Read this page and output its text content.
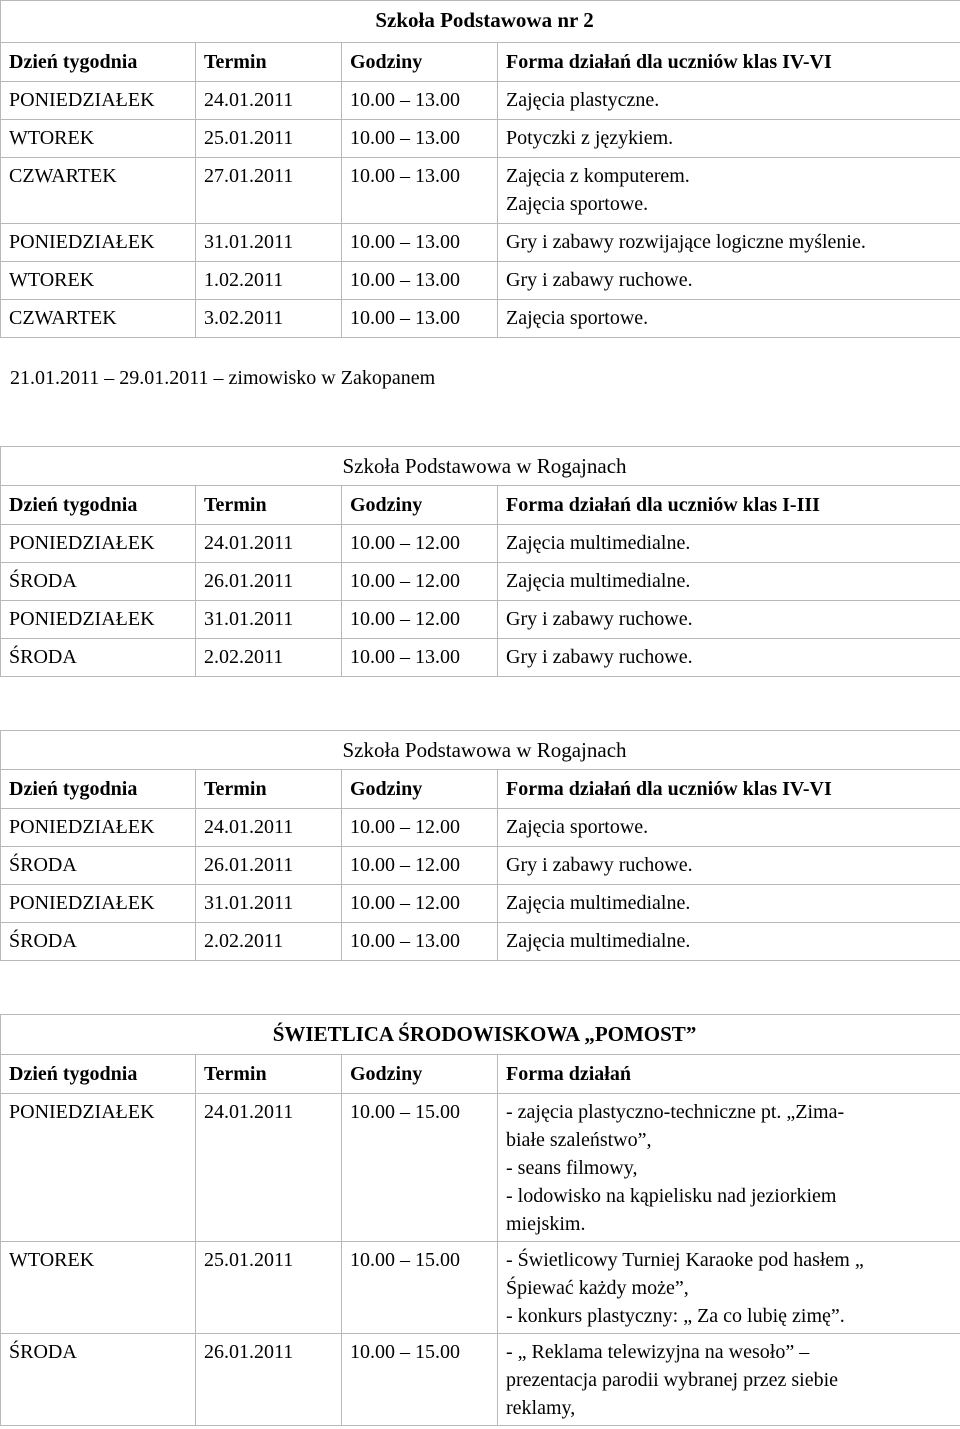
Szkoła Podstawowa nr 2			
Dzień tygodnia	Termin	Godziny	Forma działań dla uczniów klas IV-VI
PONIEDZIAŁEK	24.01.2011	10.00 – 13.00	Zajęcia plastyczne.
WTOREK	25.01.2011	10.00 – 13.00	Potyczki z językiem.
CZWARTEK	27.01.2011	10.00 – 13.00	Zajęcia z komputerem.
Zajęcia sportowe.

PONIEDZIAŁEK	31.01.2011	10.00 – 13.00	Gry i zabawy rozwijające logiczne myślenie.
WTOREK	1.02.2011	10.00 – 13.00	Gry i zabawy ruchowe.
CZWARTEK	3.02.2011	10.00 – 13.00	Zajęcia sportowe.
21.01.2011 – 29.01.2011 – zimowisko w Zakopanem
Szkoła Podstawowa w Rogajnach			
Dzień tygodnia	Termin	Godziny	Forma działań dla uczniów klas I-III
PONIEDZIAŁEK	24.01.2011	10.00 – 12.00	Zajęcia multimedialne.
ŚRODA	26.01.2011	10.00 – 12.00	Zajęcia multimedialne.
PONIEDZIAŁEK	31.01.2011	10.00 – 12.00	Gry i zabawy ruchowe.
ŚRODA	2.02.2011	10.00 – 13.00	Gry i zabawy ruchowe.
Szkoła Podstawowa w Rogajnach			
Dzień tygodnia	Termin	Godziny	Forma działań dla uczniów klas IV-VI
PONIEDZIAŁEK	24.01.2011	10.00 – 12.00	Zajęcia sportowe.
ŚRODA	26.01.2011	10.00 – 12.00	Gry i zabawy ruchowe.
PONIEDZIAŁEK	31.01.2011	10.00 – 12.00	Zajęcia multimedialne.
ŚRODA	2.02.2011	10.00 – 13.00	Zajęcia multimedialne.
ŚWIETLICA ŚRODOWISKOWA „POMOST”			
Dzień tygodnia	Termin	Godziny	Forma działań
PONIEDZIAŁEK	24.01.2011	10.00 – 15.00	- zajęcia plastyczno-techniczne pt. „Zima-
białe szaleństwo”,
- seans filmowy,
- lodowisko na kąpielisku nad jeziorkiem
miejskim.

WTOREK	25.01.2011	10.00 – 15.00	- Świetlicowy Turniej Karaoke pod hasłem „
Śpiewać każdy może”,
- konkurs plastyczny: „ Za co lubię zimę”.

ŚRODA	26.01.2011	10.00 – 15.00	- „ Reklama telewizyjna na wesoło” –
prezentacja parodii wybranej przez siebie
reklamy,
